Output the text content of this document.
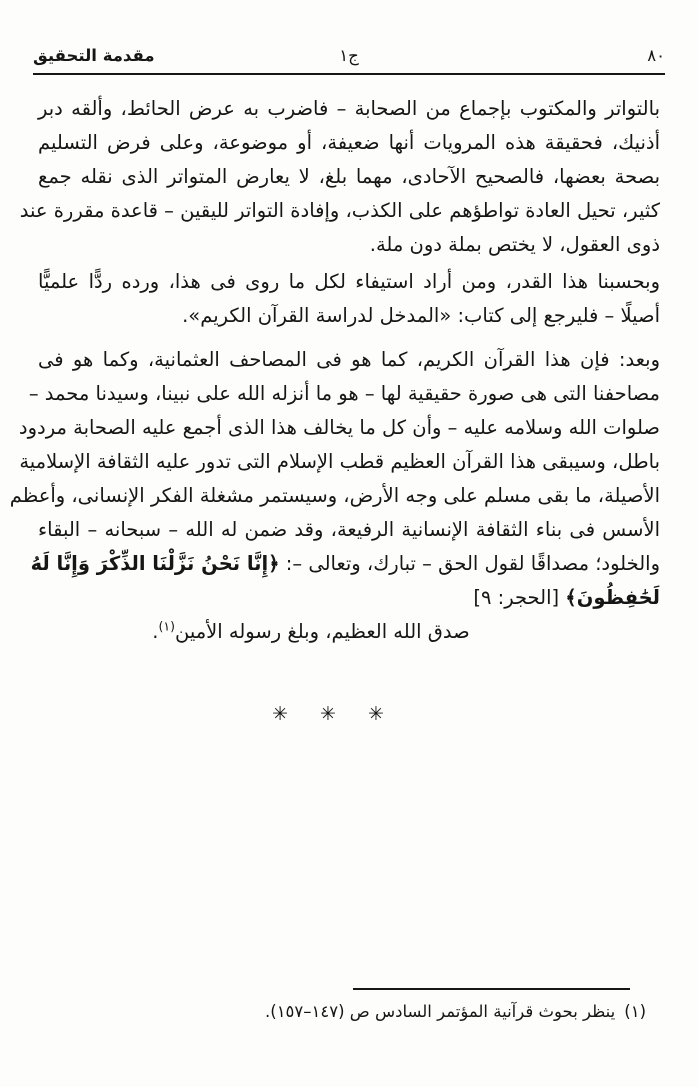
٨٠
ج١
مقدمة التحقيق
بالتواتر والمكتوب بإجماع من الصحابة – فاضرب به عرض الحائط، وألقه دبر
أذنيك، فحقيقة هذه المرويات أنها ضعيفة، أو موضوعة، وعلى فرض التسليم
بصحة بعضها، فالصحيح الآحادى، مهما بلغ، لا يعارض المتواتر الذى نقله جمع
كثير، تحيل العادة تواطؤهم على الكذب، وإفادة التواتر لليقين – قاعدة مقررة عند
ذوى العقول، لا يختص بملة دون ملة.
وبحسبنا هذا القدر، ومن أراد استيفاء لكل ما روى فى هذا، ورده ردًّا علميًّا
أصيلًا – فليرجع إلى كتاب: «المدخل لدراسة القرآن الكريم».
وبعد: فإن هذا القرآن الكريم، كما هو فى المصاحف العثمانية، وكما هو فى
مصاحفنا التى هى صورة حقيقية لها – هو ما أنزله الله على نبينا، وسيدنا محمد –
صلوات الله وسلامه عليه – وأن كل ما يخالف هذا الذى أجمع عليه الصحابة مردود
باطل، وسيبقى هذا القرآن العظيم قطب الإسلام التى تدور عليه الثقافة الإسلامية
الأصيلة، ما بقى مسلم على وجه الأرض، وسيستمر مشغلة الفكر الإنسانى، وأعظم
الأسس فى بناء الثقافة الإنسانية الرفيعة، وقد ضمن له الله – سبحانه – البقاء
والخلود؛ مصداقًا لقول الحق – تبارك، وتعالى –: ﴿إِنَّا نَحْنُ نَزَّلْنَا الذِّكْرَ وَإِنَّا لَهُ
لَحَٰفِظُونَ﴾ [الحجر: ٩]
صدق الله العظيم، وبلغ رسوله الأمين$^{(١)}$.
✳ ✳ ✳
(١)ينظر بحوث قرآنية المؤتمر السادس ص (١٤٧–١٥٧).
